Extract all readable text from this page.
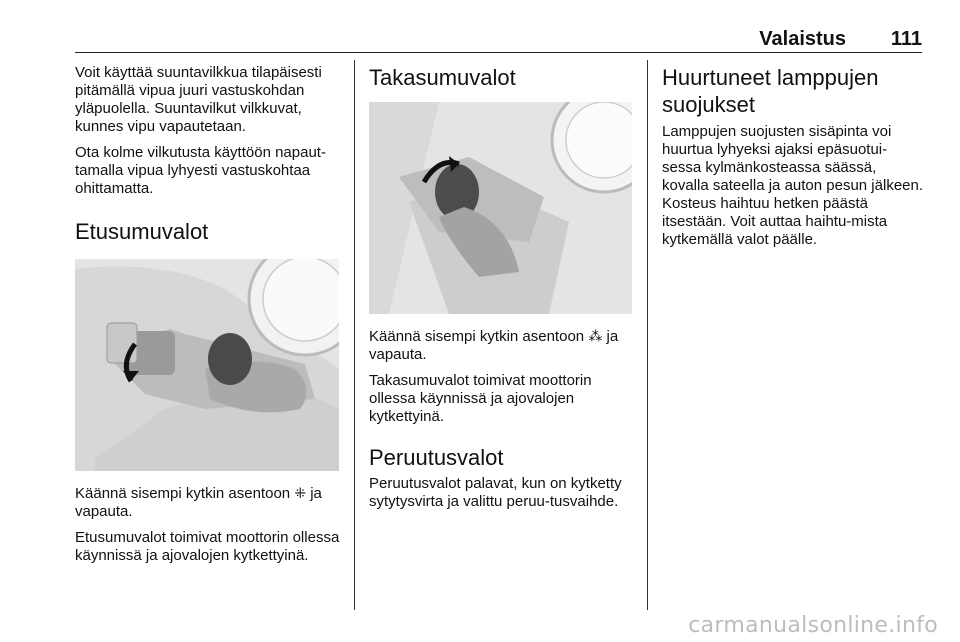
Valaistus 111

Voit käyttää suuntavilkkua tilapäisesti pitämällä vipua juuri vastuskohdan yläpuolella. Suuntavilkut vilkkuvat, kunnes vipu vapautetaan.

Ota kolme vilkutusta käyttöön napaut-tamalla vipua lyhyesti vastuskohtaa ohittamatta.

Etusumuvalot

Käännä sisempi kytkin asentoon ⁜ ja vapauta.

Etusumuvalot toimivat moottorin ollessa käynnissä ja ajovalojen kytkettyinä.

Takasumuvalot

Käännä sisempi kytkin asentoon ⁂ ja vapauta.

Takasumuvalot toimivat moottorin ollessa käynnissä ja ajovalojen kytkettyinä.

Peruutusvalot

Peruutusvalot palavat, kun on kytketty sytytysvirta ja valittu peruu-tusvaihde.

Huurtuneet lamppujen suojukset

Lamppujen suojusten sisäpinta voi huurtua lyhyeksi ajaksi epäsuotui-sessa kylmänkosteassa säässä, kovalla sateella ja auton pesun jälkeen. Kosteus haihtuu hetken päästä itsestään. Voit auttaa haihtu-mista kytkemällä valot päälle.

carmanualsonline.info
